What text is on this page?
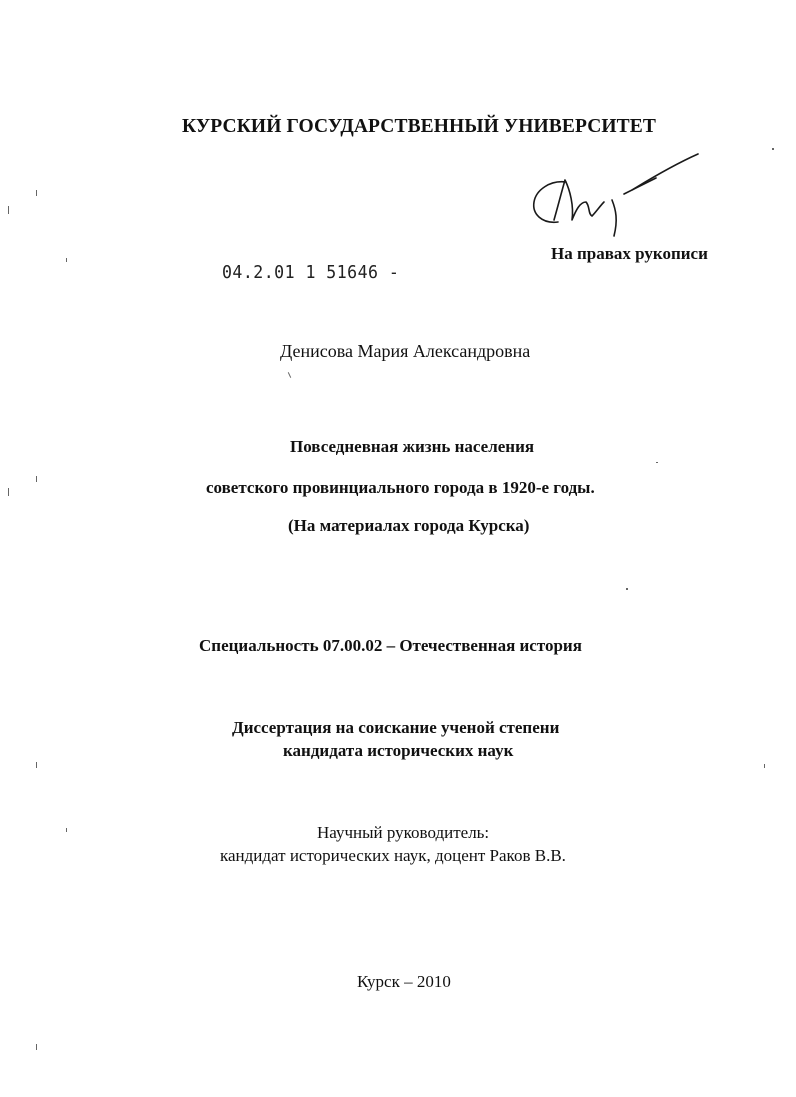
КУРСКИЙ ГОСУДАРСТВЕННЫЙ УНИВЕРСИТЕТ
На правах рукописи
04.2.01 1 51646 -
Денисова Мария Александровна
Повседневная жизнь населения
советского провинциального города в 1920-е годы.
(На материалах города Курска)
Специальность 07.00.02 – Отечественная история
Диссертация на соискание ученой степени
кандидата исторических наук
Научный руководитель:
кандидат исторических наук, доцент Раков В.В.
Курск – 2010
